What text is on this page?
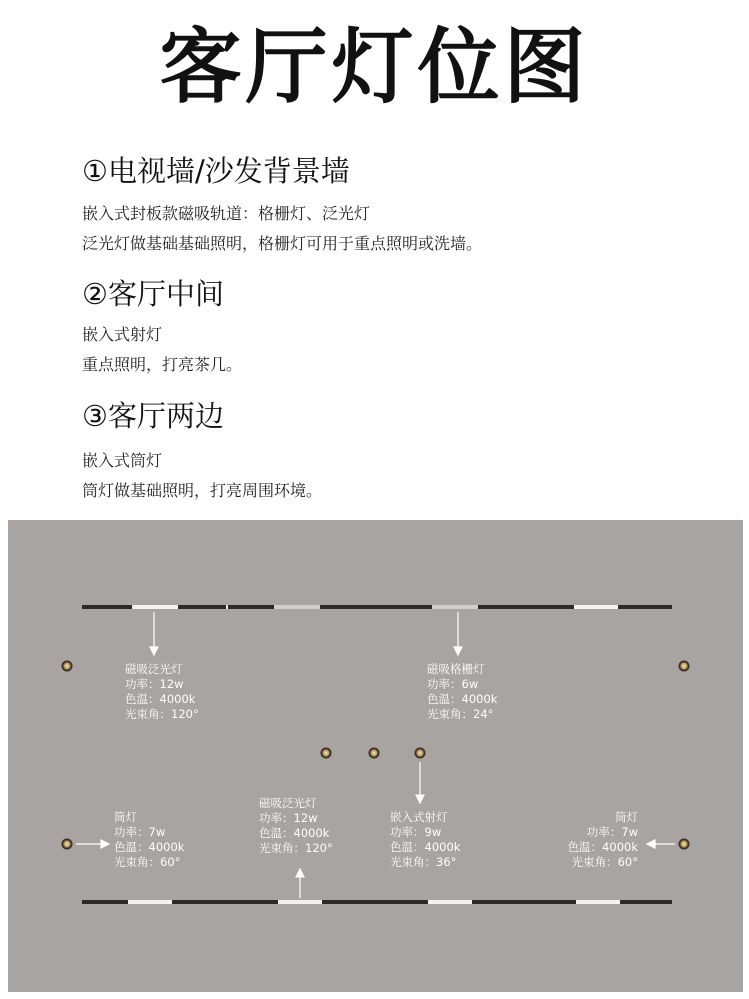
客厅灯位图
①电视墙/沙发背景墙
嵌入式封板款磁吸轨道：格栅灯、泛光灯
泛光灯做基础基础照明，格栅灯可用于重点照明或洗墙。
②客厅中间
嵌入式射灯
重点照明，打亮茶几。
③客厅两边
嵌入式筒灯
筒灯做基础照明，打亮周围环境。
磁吸泛光灯
功率：12w
色温：4000k
光束角：120°
磁吸格栅灯
功率：6w
色温：4000k
光束角：24°
筒灯
功率：7w
色温：4000k
光束角：60°
磁吸泛光灯
功率：12w
色温：4000k
光束角：120°
嵌入式射灯
功率：9w
色温：4000k
光束角：36°
筒灯
功率：7w
色温：4000k
光束角：60°
